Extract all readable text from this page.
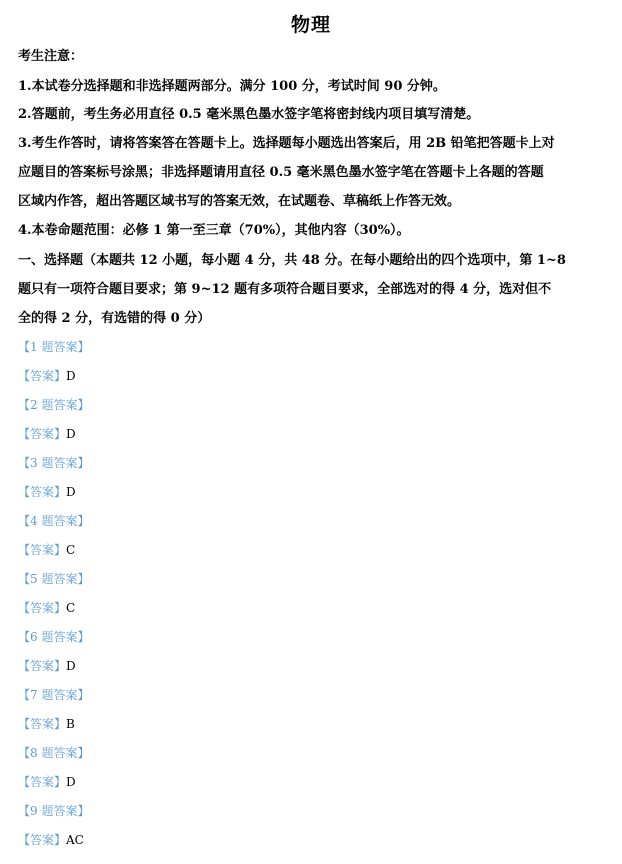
物理
考生注意：
1.本试卷分选择题和非选择题两部分。满分 100 分，考试时间 90 分钟。
2.答题前，考生务必用直径 0.5 毫米黑色墨水签字笔将密封线内项目填写清楚。
3.考生作答时，请将答案答在答题卡上。选择题每小题选出答案后，用 2B 铅笔把答题卡上对
应题目的答案标号涂黑；非选择题请用直径 0.5 毫米黑色墨水签字笔在答题卡上各题的答题
区域内作答，超出答题区域书写的答案无效，在试题卷、草稿纸上作答无效。
4.本卷命题范围：必修 1 第一至三章（70%），其他内容（30%）。
一、选择题（本题共 12 小题，每小题 4 分，共 48 分。在每小题给出的四个选项中，第 1~8
题只有一项符合题目要求；第 9~12 题有多项符合题目要求，全部选对的得 4 分，选对但不
全的得 2 分，有选错的得 0 分）
【1 题答案】
【答案】D
【2 题答案】
【答案】D
【3 题答案】
【答案】D
【4 题答案】
【答案】C
【5 题答案】
【答案】C
【6 题答案】
【答案】D
【7 题答案】
【答案】B
【8 题答案】
【答案】D
【9 题答案】
【答案】AC
